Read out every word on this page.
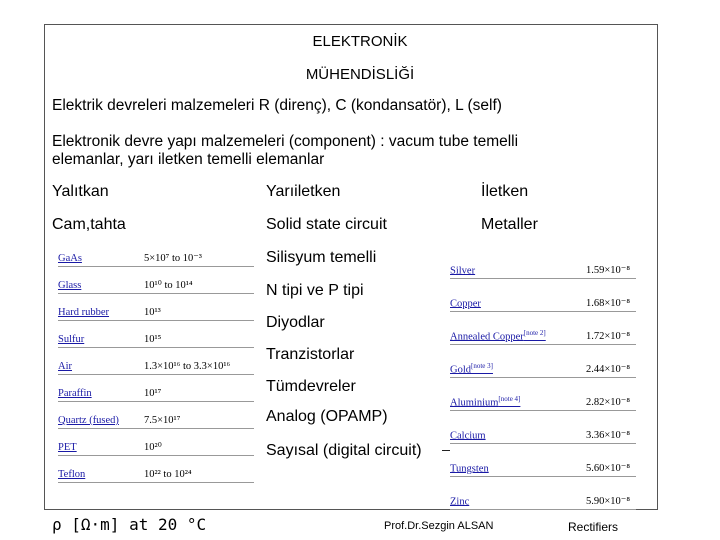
ELEKTRONİK
MÜHENDİSLİĞİ
Elektrik devreleri malzemeleri R (direnç), C (kondansatör), L (self)
Elektronik devre yapı malzemeleri (component) : vacum tube temelli
elemanlar, yarı iletken temelli elemanlar
Yalıtkan	Yarıiletken	İletken
Cam,tahta	Solid state circuit	Metaller
GaAs	5×10⁷ to 10⁻³
Glass	10¹⁰ to 10¹⁴
Hard rubber	10¹³
Sulfur	10¹⁵
Air	1.3×10¹⁶ to 3.3×10¹⁶
Paraffin	10¹⁷
Quartz (fused)	7.5×10¹⁷
PET	10²⁰
Teflon	10²² to 10²⁴
Silisyum temelli
N tipi ve P tipi
Diyodlar
Tranzistorlar
Tümdevreler
Analog (OPAMP)
Sayısal (digital circuit)
Silver	1.59×10⁻⁸
Copper	1.68×10⁻⁸
Annealed Copper[note 2]	1.72×10⁻⁸
Gold[note 3]	2.44×10⁻⁸
Aluminium[note 4]	2.82×10⁻⁸
Calcium	3.36×10⁻⁸
Tungsten	5.60×10⁻⁸
Zinc	5.90×10⁻⁸
ρ [Ω·m] at 20 °C	Prof.Dr.Sezgin ALSAN	Rectifiers
